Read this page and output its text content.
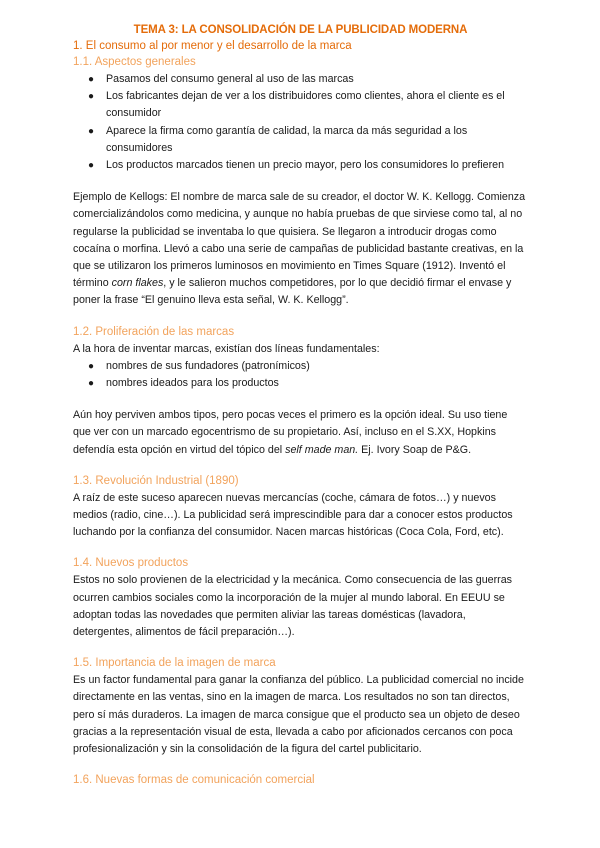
TEMA 3: LA CONSOLIDACIÓN DE LA PUBLICIDAD MODERNA
1. El consumo al por menor y el desarrollo de la marca
1.1. Aspectos generales
● Pasamos del consumo general al uso de las marcas
● Los fabricantes dejan de ver a los distribuidores como clientes, ahora el cliente es el consumidor
● Aparece la firma como garantía de calidad, la marca da más seguridad a los consumidores
● Los productos marcados tienen un precio mayor, pero los consumidores lo prefieren

Ejemplo de Kellogs: El nombre de marca sale de su creador, el doctor W. K. Kellogg. Comienza comercializándolos como medicina, y aunque no había pruebas de que sirviese como tal, al no regularse la publicidad se inventaba lo que quisiera. Se llegaron a introducir drogas como cocaína o morfina. Llevó a cabo una serie de campañas de publicidad bastante creativas, en la que se utilizaron los primeros luminosos en movimiento en Times Square (1912). Inventó el término corn flakes, y le salieron muchos competidores, por lo que decidió firmar el envase y poner la frase “El genuino lleva esta señal, W. K. Kellogg”.

1.2. Proliferación de las marcas

A la hora de inventar marcas, existían dos líneas fundamentales:

● nombres de sus fundadores (patronímicos)
● nombres ideados para los productos

Aún hoy perviven ambos tipos, pero pocas veces el primero es la opción ideal. Su uso tiene que ver con un marcado egocentrismo de su propietario. Así, incluso en el S.XX, Hopkins defendía esta opción en virtud del tópico del self made man. Ej. Ivory Soap de P&G.

1.3. Revolución Industrial (1890)

A raíz de este suceso aparecen nuevas mercancías (coche, cámara de fotos…) y nuevos medios (radio, cine…). La publicidad será imprescindible para dar a conocer estos productos luchando por la confianza del consumidor. Nacen marcas históricas (Coca Cola, Ford, etc).

1.4. Nuevos productos

Estos no solo provienen de la electricidad y la mecánica. Como consecuencia de las guerras ocurren cambios sociales como la incorporación de la mujer al mundo laboral. En EEUU se adoptan todas las novedades que permiten aliviar las tareas domésticas (lavadora, detergentes, alimentos de fácil preparación…).

1.5. Importancia de la imagen de marca

Es un factor fundamental para ganar la confianza del público. La publicidad comercial no incide directamente en las ventas, sino en la imagen de marca. Los resultados no son tan directos, pero sí más duraderos. La imagen de marca consigue que el producto sea un objeto de deseo gracias a la representación visual de esta, llevada a cabo por aficionados cercanos con poca profesionalización y sin la consolidación de la figura del cartel publicitario.

1.6. Nuevas formas de comunicación comercial
